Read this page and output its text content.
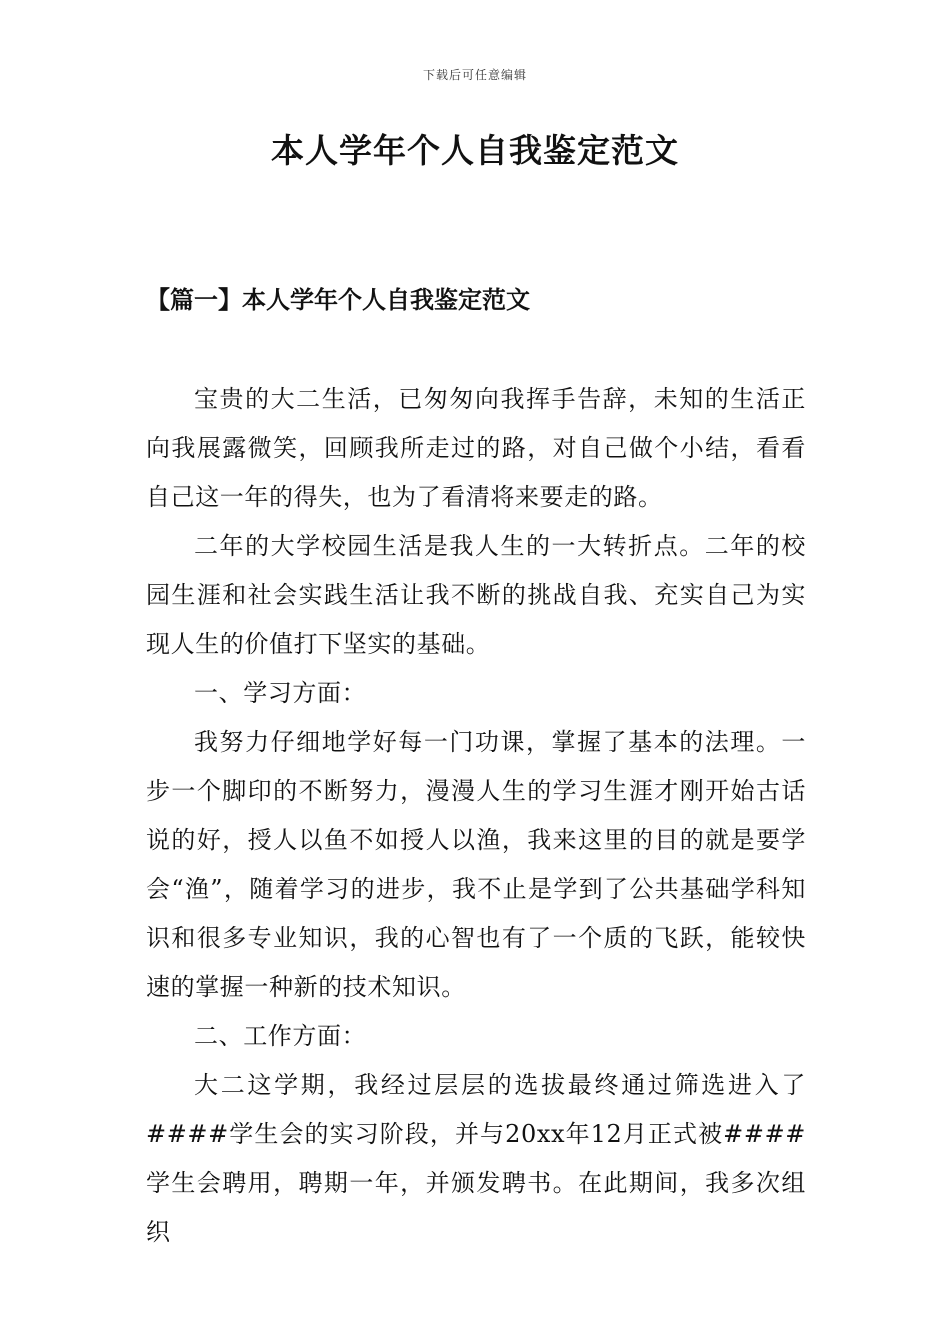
下载后可任意编辑
本人学年个人自我鉴定范文
【篇一】本人学年个人自我鉴定范文

宝贵的大二生活，已匆匆向我挥手告辞，未知的生活正向我展露微笑，回顾我所走过的路，对自己做个小结，看看自己这一年的得失，也为了看清将来要走的路。

二年的大学校园生活是我人生的一大转折点。二年的校园生涯和社会实践生活让我不断的挑战自我、充实自己为实现人生的价值打下坚实的基础。

一、学习方面：

我努力仔细地学好每一门功课，掌握了基本的法理。一步一个脚印的不断努力，漫漫人生的学习生涯才刚开始古话说的好，授人以鱼不如授人以渔，我来这里的目的就是要学会“渔”，随着学习的进步，我不止是学到了公共基础学科知识和很多专业知识，我的心智也有了一个质的飞跃，能较快速的掌握一种新的技术知识。

二、工作方面：

大二这学期，我经过层层的选拔最终通过筛选进入了####学生会的实习阶段，并与20xx年12月正式被####学生会聘用，聘期一年，并颁发聘书。在此期间，我多次组织
